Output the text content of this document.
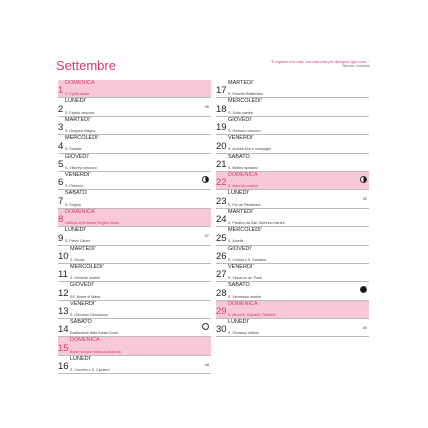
Settembre	"Ti regalerò una rosa, una rosa rosa per dipingere ogni cosa..."
Simone Cristicchi
1
DOMENICA
S. Egidio abate
2
LUNEDI'
S. Elpidio vescovo
36
3
MARTEDI'
S. Gregorio Magno
4
MERCOLEDI'
S. Rosalia
5
GIOVEDI'
S. Vittorino vescovo
6
VENERDI'
S. Petronio
7
SABATO
S. Regina
8
DOMENICA
Natività della Beata Vergine Maria
9
LUNEDI'
S. Pietro Calver
37
10
MARTEDI'
S. Nicola
11
MERCOLEDI'
S. Demede martire
12
GIOVEDI'
SS. Nome di Maria
13
VENERDI'
S. Giovanni Crisostomo
14
SABATO
Esaltazione della Santa Croce
15
DOMENICA
Beata Vergine Maria Addolorata
16
LUNEDI'
S. Cornelio e S. Cipriano
38
17
MARTEDI'
S. Roberto Bellarmino
18
MERCOLEDI'
S. Sofia martire
19
GIOVEDI'
S. Gennaro vescovo
20
VENERDI'
S. Andrea Kim e compagni
21
SABATO
S. Matteo apostolo
22
DOMENICA
S. Maurizio martire
23
LUNEDI'
S. Pio da Pietralcina
39
24
MARTEDI'
S. Pacifico da San Severino martire
25
MERCOLEDI'
S. Aurelia
26
GIOVEDI'
S. Cosma e S. Damiano
27
VENERDI'
S. Vincenzo de' Paoli
28
SABATO
S. Venceslao martire
29
DOMENICA
S. Michele, Gabriele, Raffaele
30
LUNEDI'
S. Girolamo dottore
40
